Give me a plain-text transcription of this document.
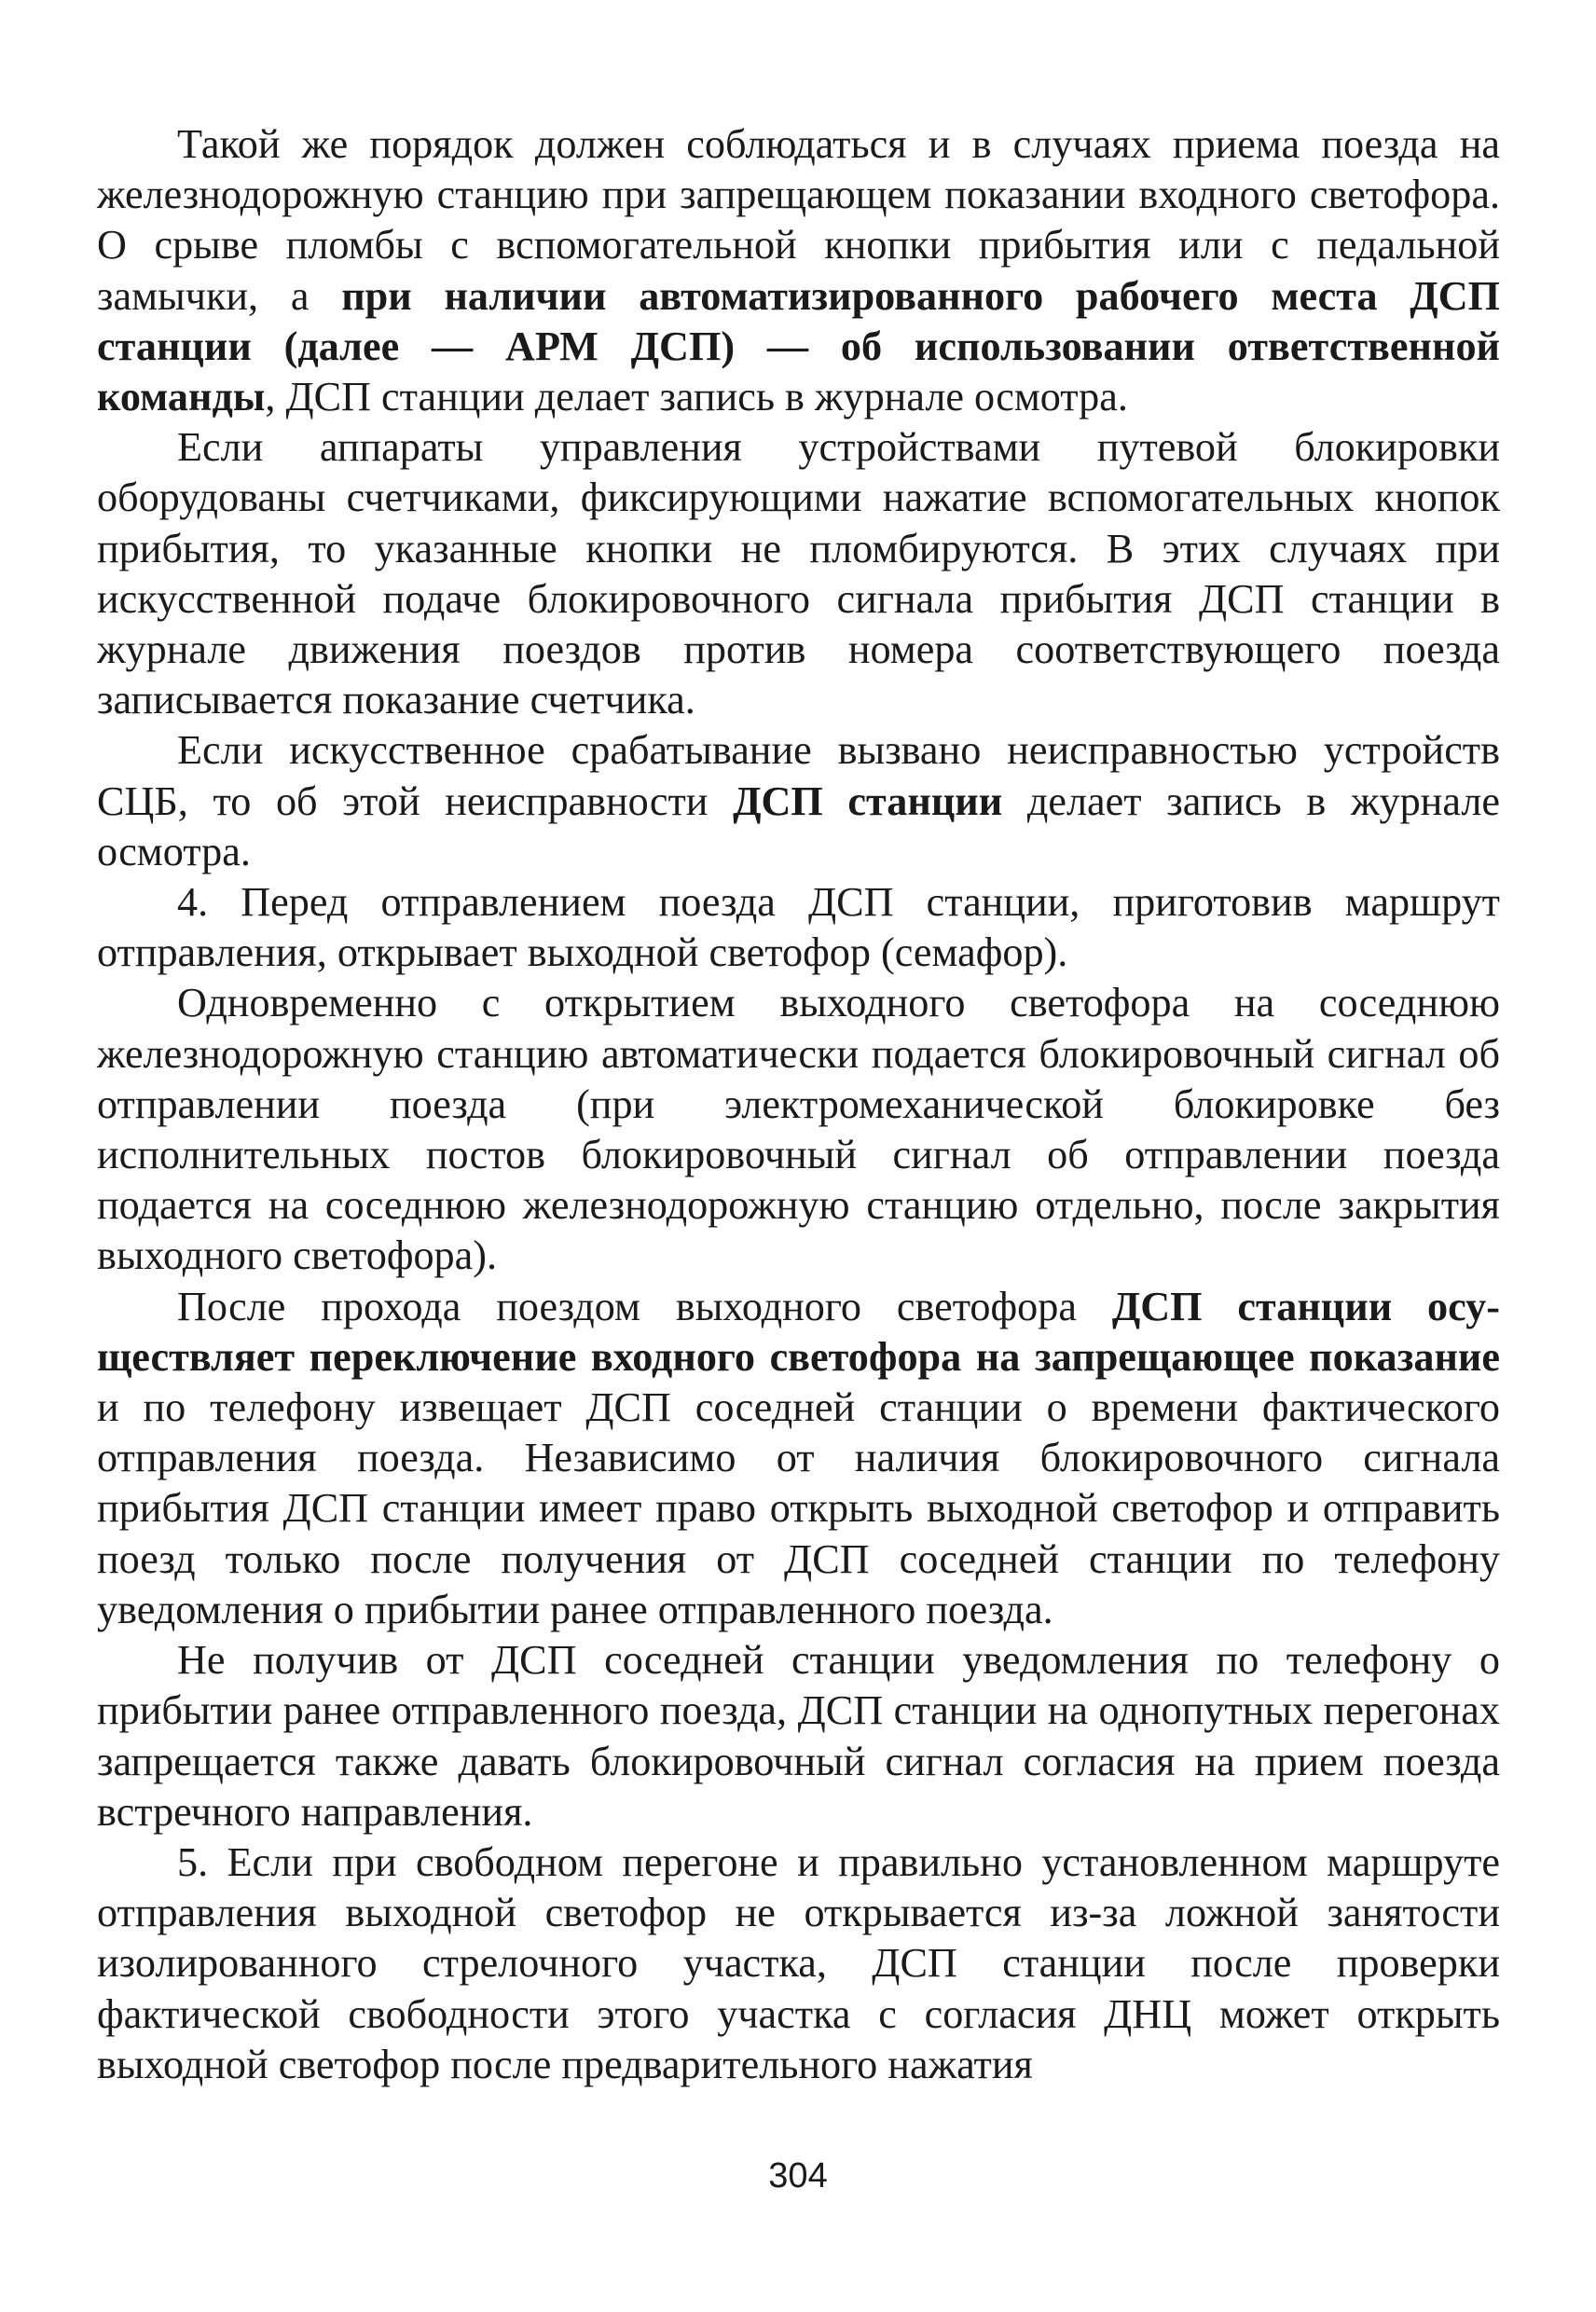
Такой же порядок должен соблюдаться и в случаях приема поезда на железнодорожную станцию при запрещающем показании входного светофора. О срыве пломбы с вспомогательной кнопки прибытия или с педальной замычки, а при наличии автоматизированного рабочего места ДСП станции (далее — АРМ ДСП) — об использовании ответственной команды, ДСП станции делает запись в журнале осмотра.

Если аппараты управления устройствами путевой блокировки оборудованы счетчиками, фиксирующими нажатие вспомогательных кнопок прибытия, то указанные кнопки не пломбируются. В этих случаях при искусственной подаче блокировочного сигнала прибытия ДСП станции в журнале движения поездов против номера соответствующего поезда записывается показание счетчика.

Если искусственное срабатывание вызвано неисправностью устройств СЦБ, то об этой неисправности ДСП станции делает запись в журнале осмотра.

4. Перед отправлением поезда ДСП станции, приготовив маршрут отправления, открывает выходной светофор (семафор).

Одновременно с открытием выходного светофора на соседнюю железнодорожную станцию автоматически подается блокировочный сигнал об отправлении поезда (при электромеханической блокировке без исполнительных постов блокировочный сигнал об отправлении поезда подается на соседнюю железнодорожную станцию отдельно, после закрытия выходного светофора).

После прохода поездом выходного светофора ДСП станции осуществляет переключение входного светофора на запрещающее показание и по телефону извещает ДСП соседней станции о времени фактического отправления поезда. Независимо от наличия блокировочного сигнала прибытия ДСП станции имеет право открыть выходной светофор и отправить поезд только после получения от ДСП соседней станции по телефону уведомления о прибытии ранее отправленного поезда.

Не получив от ДСП соседней станции уведомления по телефону о прибытии ранее отправленного поезда, ДСП станции на однопутных перегонах запрещается также давать блокировочный сигнал согласия на прием поезда встречного направления.

5. Если при свободном перегоне и правильно установленном маршруте отправления выходной светофор не открывается из-за ложной занятости изолированного стрелочного участка, ДСП станции после проверки фактической свободности этого участка с согласия ДНЦ может открыть выходной светофор после предварительного нажатия

304
